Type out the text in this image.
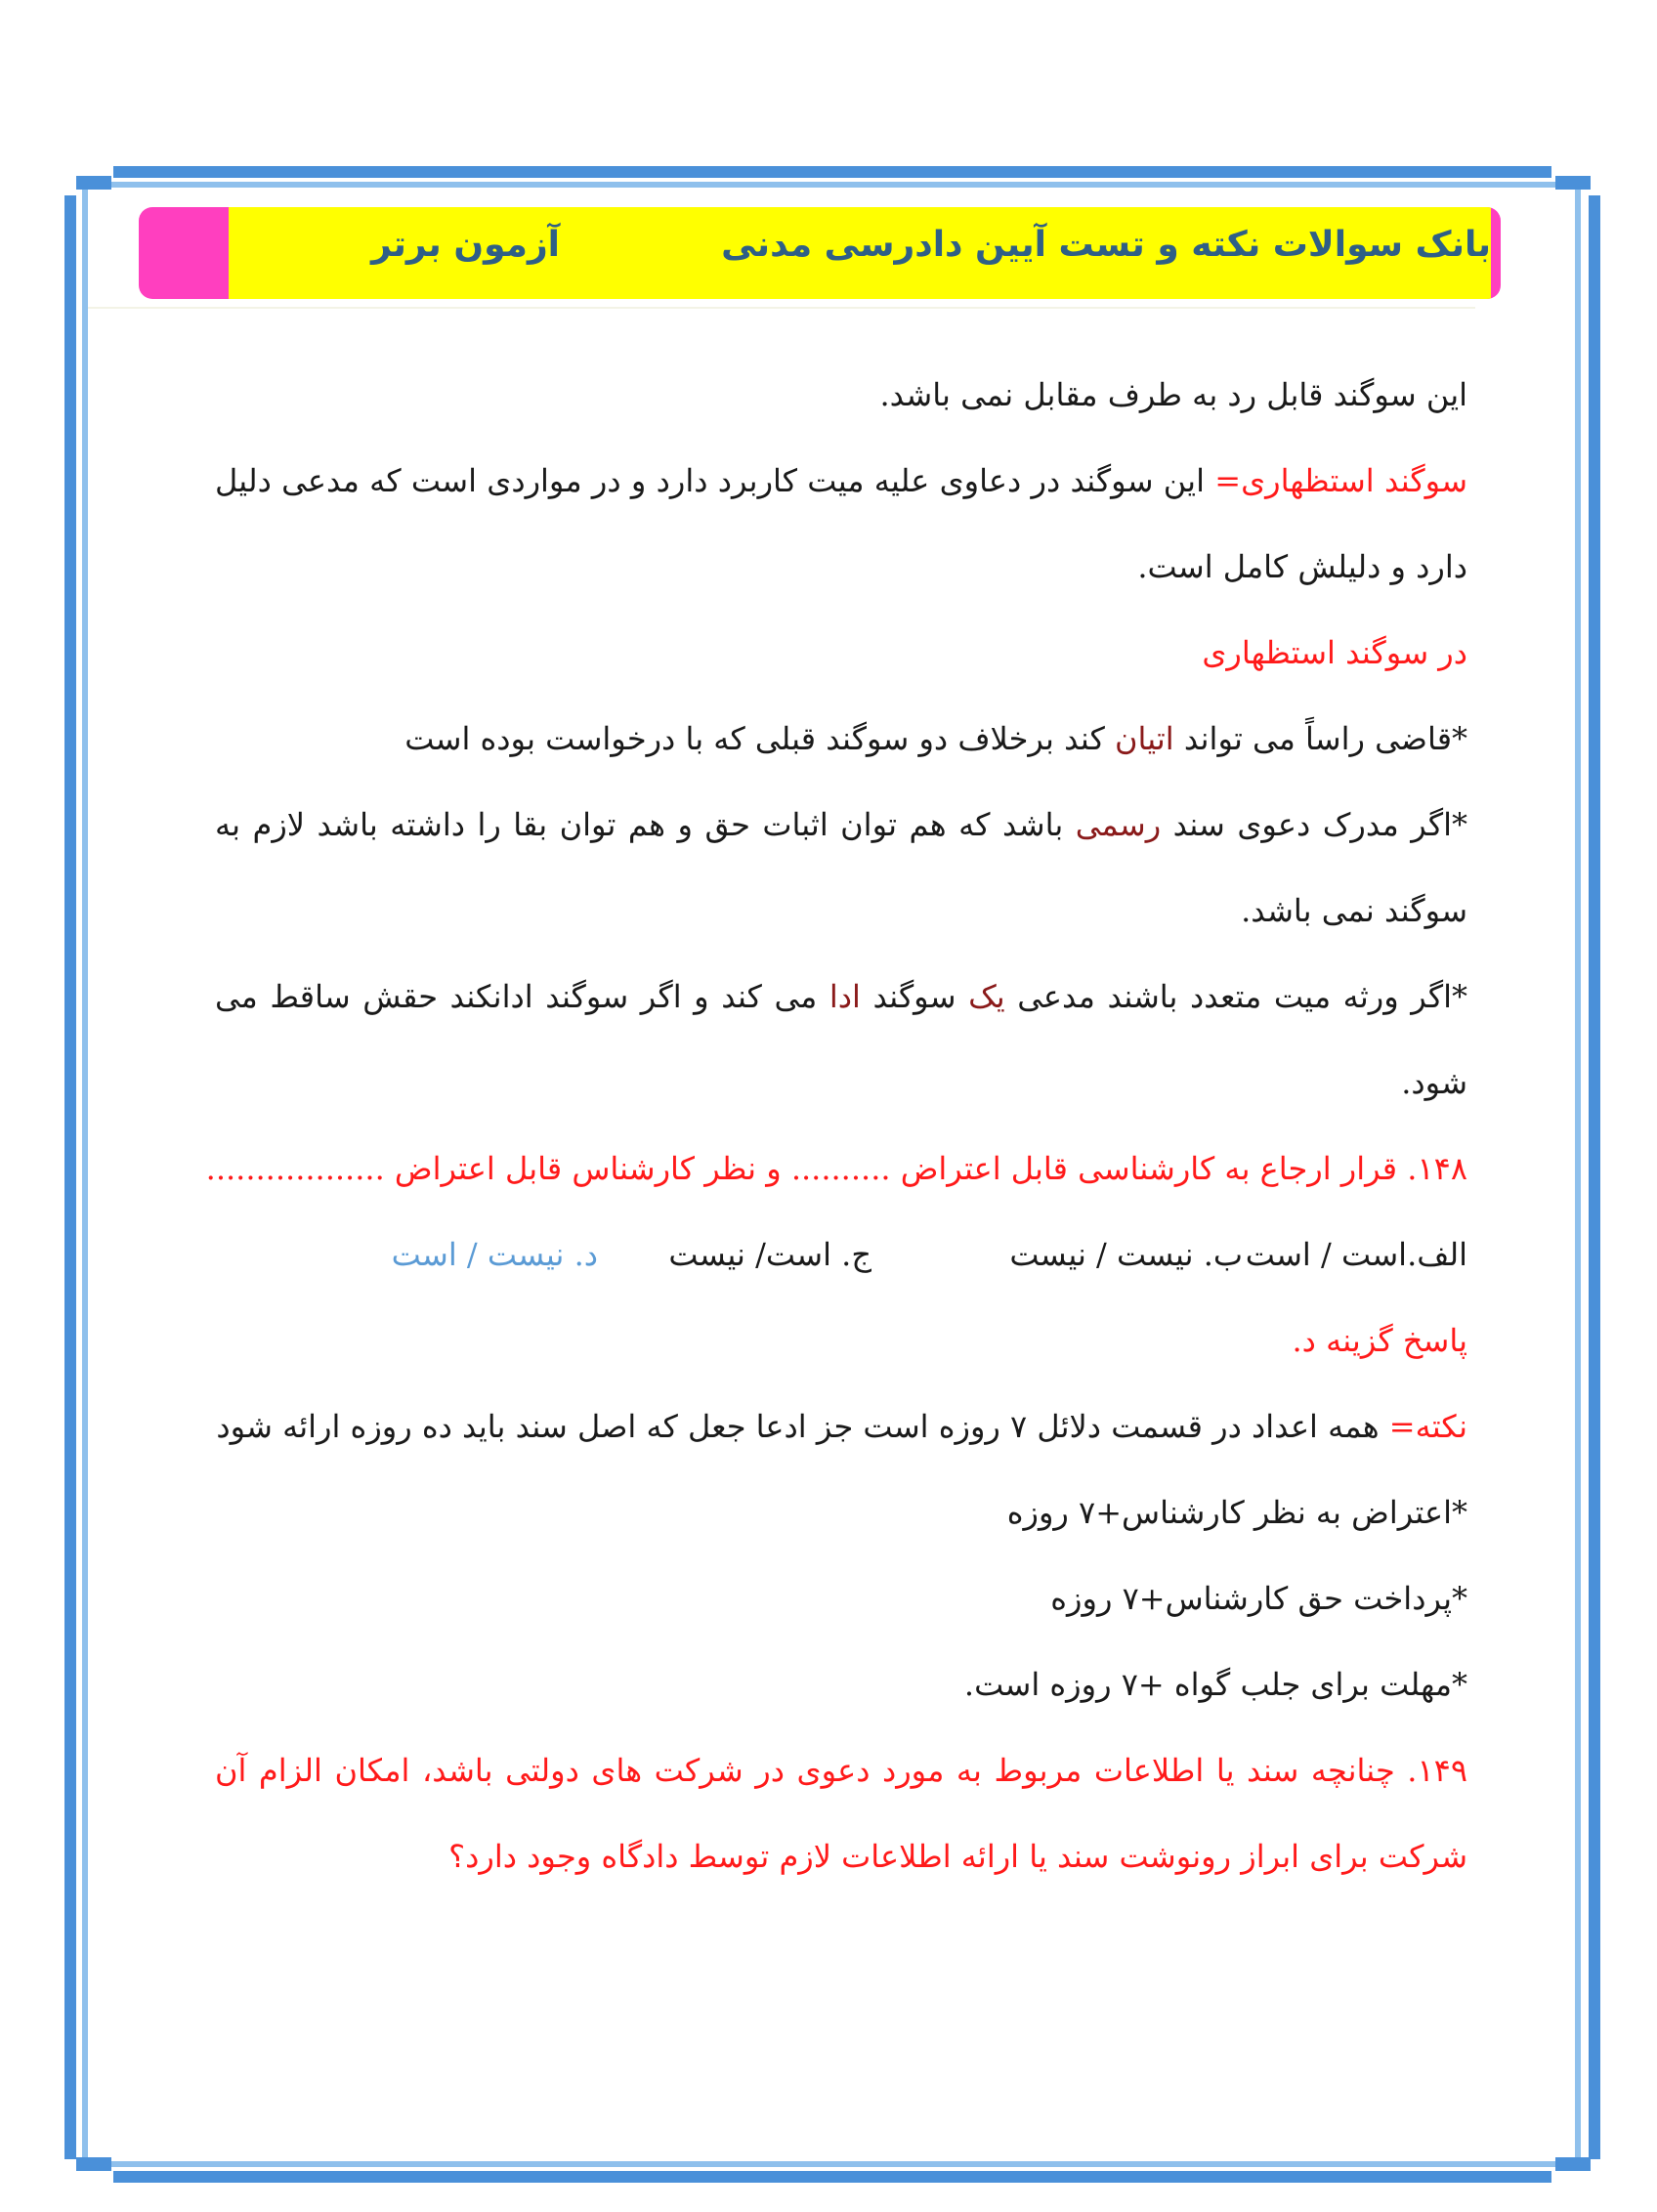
بانک سوالات نکته و تست آیین دادرسی مدنی
آزمون برتر

این سوگند قابل رد به طرف مقابل نمی باشد.

سوگند استظهاری= این سوگند در دعاوی علیه میت کاربرد دارد و در مواردی است که مدعی دلیل دارد و دلیلش کامل است.

در سوگند استظهاری

*قاضی راساً می تواند اتیان کند برخلاف دو سوگند قبلی که با درخواست بوده است

*اگر مدرک دعوی سند رسمی باشد که هم توان اثبات حق و هم توان بقا را داشته باشد لازم به سوگند نمی باشد.

*اگر ورثه میت متعدد باشند مدعی یک سوگند ادا می کند و اگر سوگند ادانکند حقش ساقط می شود.

۱۴۸. قرار ارجاع به کارشناسی قابل اعتراض .......... و نظر کارشناس قابل اعتراض ..................

الف.است / است
ب. نیست / نیست
ج. است/ نیست
د. نیست / است

پاسخ گزینه د.

نکته= همه اعداد در قسمت دلائل ۷ روزه است جز ادعا جعل که اصل سند باید ده روزه ارائه شود

*اعتراض به نظر کارشناس+۷ روزه

*پرداخت حق کارشناس+۷ روزه

*مهلت برای جلب گواه +۷ روزه است.

۱۴۹. چنانچه سند یا اطلاعات مربوط به مورد دعوی در شرکت های دولتی باشد، امکان الزام آن شرکت برای ابراز رونوشت سند یا ارائه اطلاعات لازم توسط دادگاه وجود دارد؟
